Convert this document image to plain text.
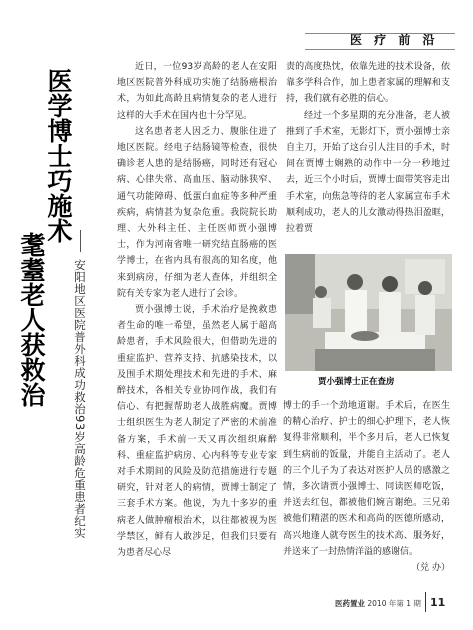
医 疗 前 沿
医学博士巧施术
耄耋老人获救治 安阳地区医院普外科成功救治93岁高龄危重患者纪实

近日，一位93岁高龄的老人在安阳地区医院普外科成功实施了结肠癌根治术，为如此高龄且病情复杂的老人进行这样的大手术在国内也十分罕见。

这名患者老人因乏力、腹胀住进了地区医院。经电子结肠镜等检查，很快确诊老人患的是结肠癌，同时还有冠心病、心律失常、高血压、脑动脉狭窄、通气功能障碍、低蛋白血症等多种严重疾病，病情甚为复杂危重。我院院长助理、大外科主任、主任医师贾小强博士，作为河南省唯一研究结直肠癌的医学博士，在省内具有很高的知名度，他来到病房，仔细为老人查体，并组织全院有关专家为老人进行了会诊。

贾小强博士说，手术治疗是挽救患者生命的唯一希望，虽然老人属于超高龄患者，手术风险很大，但借助先进的重症监护、营养支持、抗感染技术，以及围手术期处理技术和先进的手术、麻醉技术，各相关专业协同作战，我们有信心、有把握帮助老人战胜病魔。贾博士组织医生为老人制定了严密的术前准备方案，手术前一天又再次组织麻醉科、重症监护病房、心内科等专业专家对手术期间的风险及防范措施进行专题研究，针对老人的病情，贾博士制定了三套手术方案。他说，为九十多岁的重病老人做肿瘤根治术，以往都被视为医学禁区，鲜有人敢涉足，但我们只要有为患者尽心尽

责的高度热忱，依靠先进的技术设备，依靠多学科合作，加上患者家属的理解和支持，我们就有必胜的信心。

经过一个多星期的充分准备，老人被推到了手术室，无影灯下，贾小强博士亲自主刀，开始了这台引人注目的手术，时间在贾博士娴熟的动作中一分一秒地过去，近三个小时后，贾博士面带笑容走出手术室，向焦急等待的老人家属宣布手术顺利成功，老人的儿女激动得热泪盈眶，拉着贾

贾小强博士正在查房

博士的手一个劲地道谢。手术后，在医生的精心治疗、护士的细心护理下，老人恢复得非常顺利，半个多月后，老人已恢复到生病前的饭量，并能自主活动了。老人的三个儿子为了表达对医护人员的感激之情，多次请贾小强博士、同读医师吃饭，并送去红包，都被他们婉言谢绝。三兄弟被他们精湛的医术和高尚的医德所感动，高兴地逢人就夸医生的技术高、服务好，并送来了一封热情洋溢的感谢信。
（兑 办）

医药置业 2010 年第 1 期 11
